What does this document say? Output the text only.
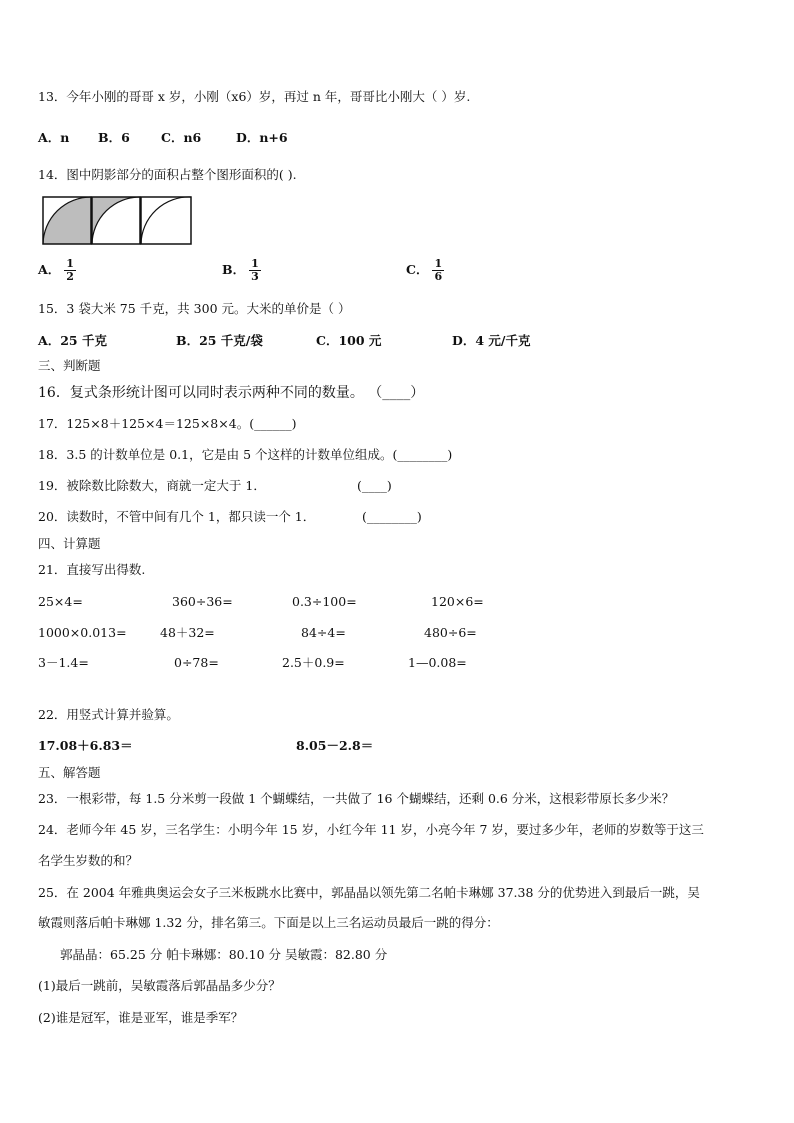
13．今年小刚的哥哥 x 岁，小刚（x6）岁，再过 n 年，哥哥比小刚大（ ）岁.
A．n B．6 C．n6	D．n+6
14．图中阴影部分的面积占整个图形面积的( ).
A． $\frac{1}{2}$	B． $\frac{1}{3}$	C． $\frac{1}{6}$
15．3 袋大米 75 千克，共 300 元。大米的单价是（ ）
A．25 千克	B．25 千克/袋	C．100 元	D．4 元/千克
三、判断题
16．复式条形统计图可以同时表示两种不同的数量。 （____）
17．125×8＋125×4＝125×8×4。(______)
18．3.5 的计数单位是 0.1，它是由 5 个这样的计数单位组成。(________)
19．被除数比除数大，商就一定大于 1．	(____)
20．读数时，不管中间有几个 1，都只读一个 1．	(________)
四、计算题
21．直接写出得数.
25×4=	360÷36=	0.3÷100=	120×6=
1000×0.013=	48＋32=	84÷4=	480÷6=
3－1.4=	0÷78=	2.5＋0.9=	1—0.08=
22．用竖式计算并验算。
17.08＋6.83＝	8.05－2.8＝
五、解答题
23．一根彩带，每 1.5 分米剪一段做 1 个蝴蝶结，一共做了 16 个蝴蝶结，还剩 0.6 分米，这根彩带原长多少米？
24．老师今年 45 岁，三名学生：小明今年 15 岁，小红今年 11 岁，小亮今年 7 岁，要过多少年，老师的岁数等于这三
名学生岁数的和？
25．在 2004 年雅典奥运会女子三米板跳水比赛中，郭晶晶以领先第二名帕卡琳娜 37.38 分的优势进入到最后一跳，吴
敏霞则落后帕卡琳娜 1.32 分，排名第三。下面是以上三名运动员最后一跳的得分：
郭晶晶：65.25 分 帕卡琳娜：80.10 分 吴敏霞：82.80 分
(1)最后一跳前，吴敏霞落后郭晶晶多少分？
(2)谁是冠军，谁是亚军，谁是季军？
